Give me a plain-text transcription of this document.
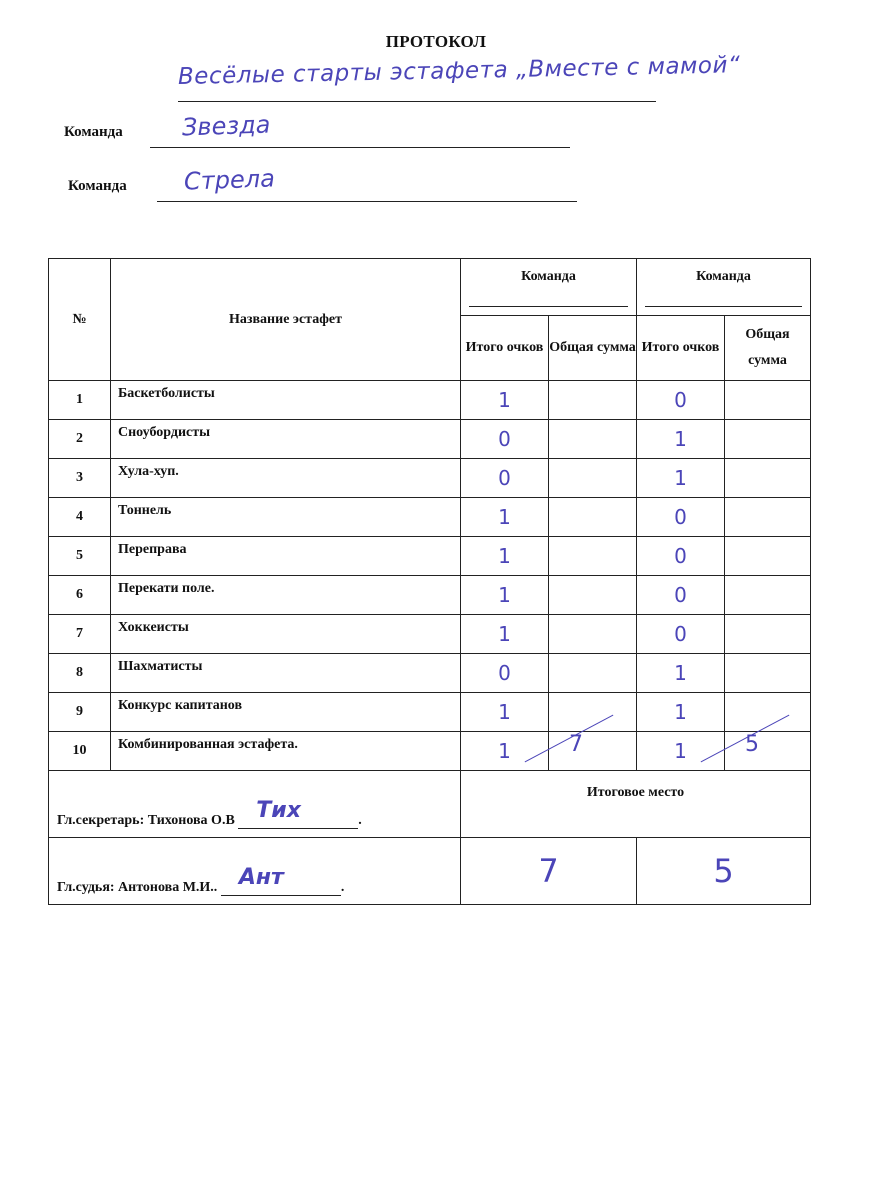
ПРОТОКОЛ
Весёлые старты эстафета „Вместе с мамой“
Команда Звезда
Команда Стрела
№	Название эстафет	Команда		Команда	

		Итого очков	Общая сумма	Итого очков	Общая сумма
1	Баскетболисты	1		0	
2	Сноубордисты	0		1	
3	Хула-хуп.	0		1	
4	Тоннель	1		0	
5	Переправа	1		0	
6	Перекати поле.	1		0	
7	Хоккеисты	1		0	
8	Шахматисты	0		1	
9	Конкурс капитанов	1		1	
10	Комбинированная эстафета.	1	7	1	5

Гл.секретарь: Тихонова О.В Тих .		Итоговое место			
Гл.судья: Антонова М.И.. Ант .		7		5	
